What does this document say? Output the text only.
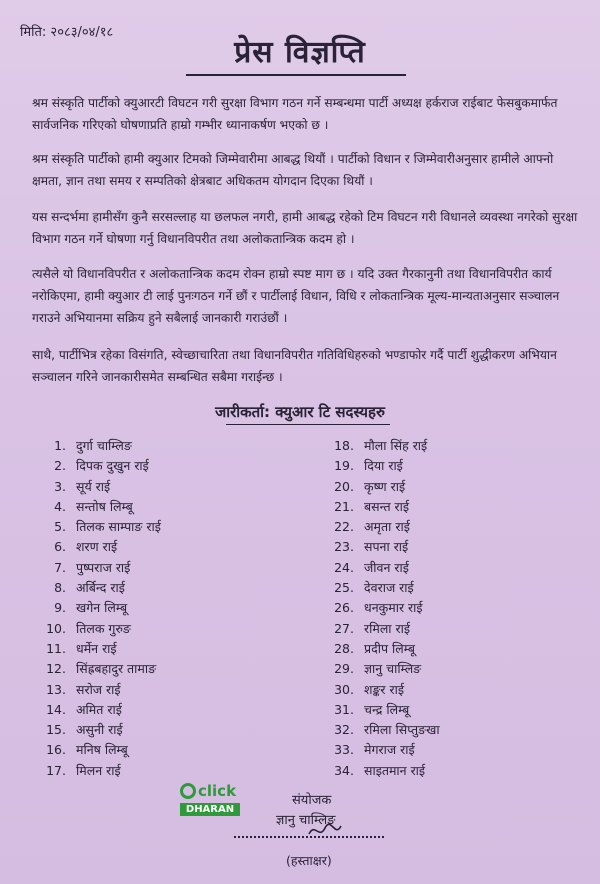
मिति: २०८३/०४/१८
प्रेस विज्ञप्ति
श्रम संस्कृति पार्टीको क्युआरटी विघटन गरी सुरक्षा विभाग गठन गर्ने सम्बन्धमा पार्टी अध्यक्ष हर्कराज राईबाट फेसबुकमार्फत सार्वजनिक गरिएको घोषणाप्रति हाम्रो गम्भीर ध्यानाकर्षण भएको छ ।
श्रम संस्कृति पार्टीको हामी क्युआर टिमको जिम्मेवारीमा आबद्ध थियौं । पार्टीको विधान र जिम्मेवारीअनुसार हामीले आफ्नो क्षमता, ज्ञान तथा समय र सम्पतिको क्षेत्रबाट अधिकतम योगदान दिएका थियौं ।
यस सन्दर्भमा हामीसँग कुनै सरसल्लाह या छलफल नगरी, हामी आबद्ध रहेको टिम विघटन गरी विधानले व्यवस्था नगरेको सुरक्षा विभाग गठन गर्ने घोषणा गर्नु विधानविपरीत तथा अलोकतान्त्रिक कदम हो ।
त्यसैले यो विधानविपरीत र अलोकतान्त्रिक कदम रोक्न हाम्रो स्पष्ट माग छ । यदि उक्त गैरकानुनी तथा विधानविपरीत कार्य नरोकिएमा, हामी क्युआर टी लाई पुनःगठन गर्ने छौं र पार्टीलाई विधान, विधि र लोकतान्त्रिक मूल्य-मान्यताअनुसार सञ्चालन गराउने अभियानमा सक्रिय हुने सबैलाई जानकारी गराउंछौं ।
साथै, पार्टीभित्र रहेका विसंगति, स्वेच्छाचारिता तथा विधानविपरीत गतिविधिहरुको भण्डाफोर गर्दै पार्टी शुद्धीकरण अभियान सञ्चालन गरिने जानकारीसमेत सम्बन्धित सबैमा गराईन्छ ।
जारीकर्ता: क्युआर टि सदस्यहरु
1. दुर्गा चाम्लिङ
2. दिपक दुखुन राई
3. सूर्य राई
4. सन्तोष लिम्बू
5. तिलक साम्पाङ राई
6. शरण राई
7. पुष्पराज राई
8. अर्बिन्द राई
9. खगेन लिम्बू
10. तिलक गुरुङ
11. धर्मेन राई
12. सिंह्रबहादुर तामाङ
13. सरोज राई
14. अमित राई
15. असुनी राई
16. मनिष लिम्बू
17. मिलन राई
18. मौला सिंह राई
19. दिया राई
20. कृष्ण राई
21. बसन्त राई
22. अमृता राई
23. सपना राई
24. जीवन राई
25. देवराज राई
26. धनकुमार राई
27. रमिला राई
28. प्रदीप लिम्बू
29. ज्ञानु चाम्लिङ
30. शङ्कर राई
31. चन्द्र लिम्बू
32. रमिला सिप्तुङखा
33. मेगराज राई
34. साइतमान राई
click
DHARAN
संयोजक
ज्ञानु चाम्लिङ
(हस्ताक्षर)
